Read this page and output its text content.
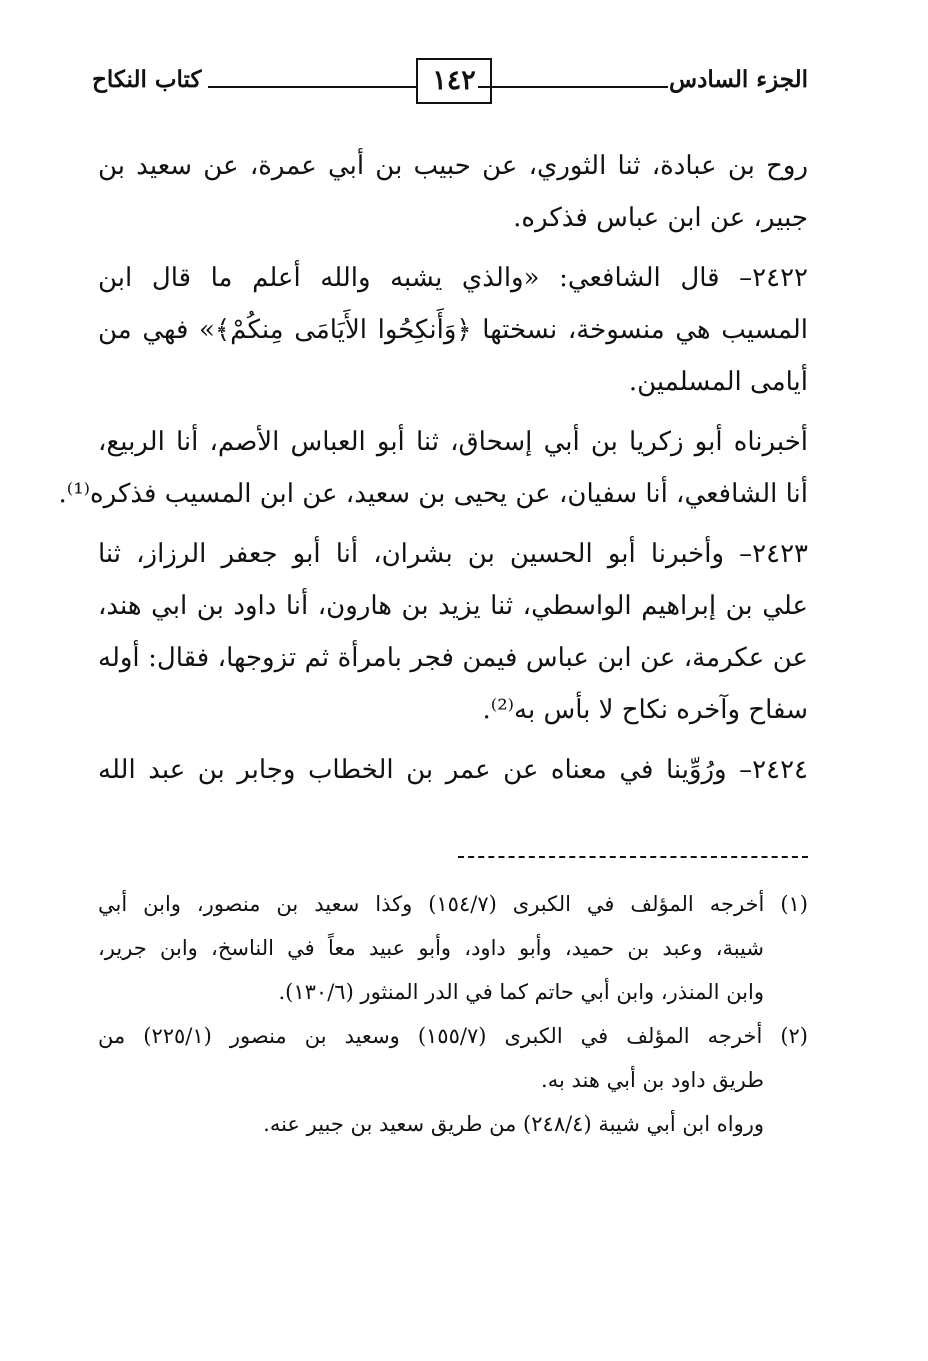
الجزء السادس
١٤٢
كتاب النكاح
روح بن عبادة، ثنا الثوري، عن حبيب بن أبي عمرة، عن سعيد بن
جبير، عن ابن عباس فذكره.
٢٤٢٢– قال الشافعي: «والذي يشبه والله أعلم ما قال ابن
المسيب هي منسوخة، نسختها ﴿وَأَنكِحُوا الأَيَامَى مِنكُمْ﴾» فهي من
أيامى المسلمين.
أخبرناه أبو زكريا بن أبي إسحاق، ثنا أبو العباس الأصم، أنا الربيع،
أنا الشافعي، أنا سفيان، عن يحيى بن سعيد، عن ابن المسيب فذكره⁽¹⁾.
٢٤٢٣– وأخبرنا أبو الحسين بن بشران، أنا أبو جعفر الرزاز، ثنا
علي بن إبراهيم الواسطي، ثنا يزيد بن هارون، أنا داود بن ابي هند،
عن عكرمة، عن ابن عباس فيمن فجر بامرأة ثم تزوجها، فقال: أوله
سفاح وآخره نكاح لا بأس به⁽²⁾.
٢٤٢٤– ورُوِّينا في معناه عن عمر بن الخطاب وجابر بن عبد الله
(١) أخرجه المؤلف في الكبرى (١٥٤/٧) وكذا سعيد بن منصور، وابن أبي
شيبة، وعبد بن حميد، وأبو داود، وأبو عبيد معاً في الناسخ، وابن جرير،
وابن المنذر، وابن أبي حاتم كما في الدر المنثور (١٣٠/٦).
(٢) أخرجه المؤلف في الكبرى (١٥٥/٧) وسعيد بن منصور (٢٢٥/١) من
طريق داود بن أبي هند به.
ورواه ابن أبي شيبة (٢٤٨/٤) من طريق سعيد بن جبير عنه.
